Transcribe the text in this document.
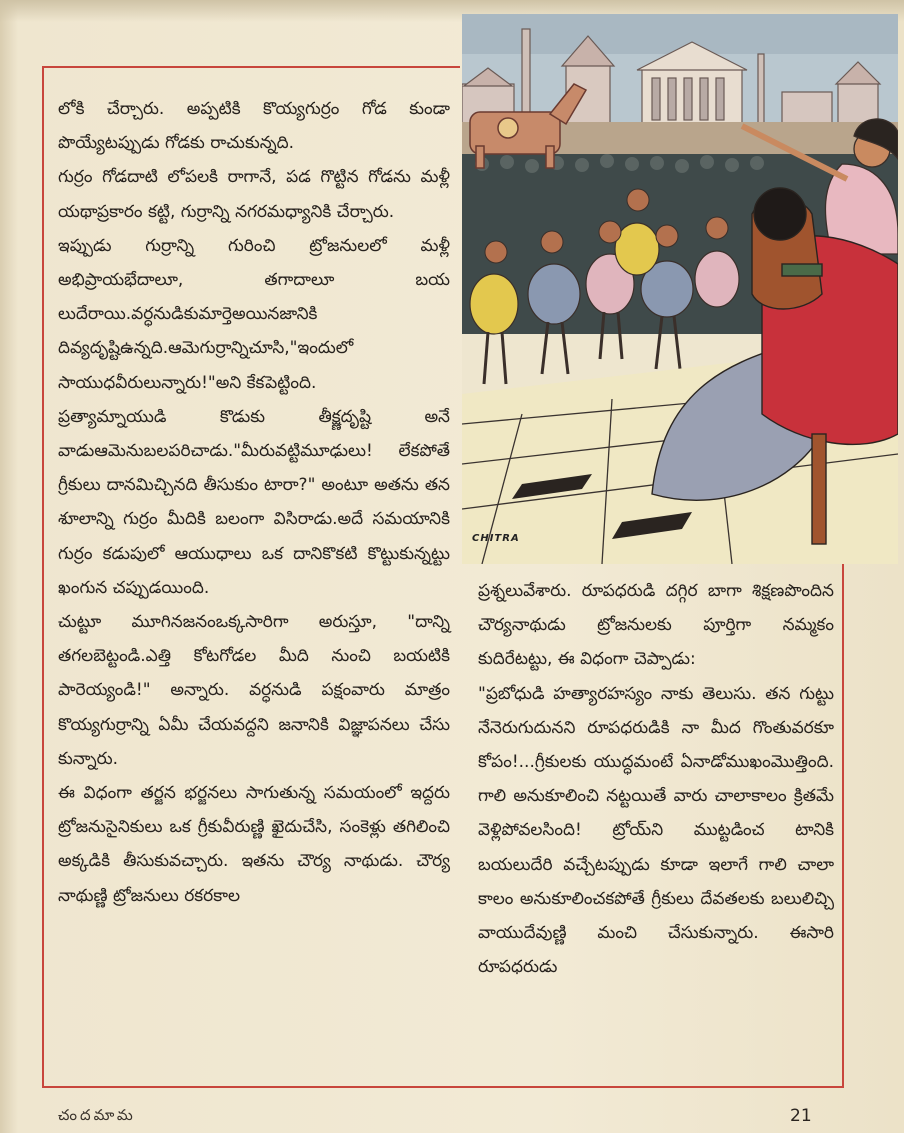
CHITRA

లోకి చేర్చారు. అప్పటికి కొయ్యగుర్రం గోడ కుండా పొయ్యేటప్పుడు గోడకు రాచుకున్నది.

గుర్రం గోడదాటి లోపలకి రాగానే, పడ గొట్టిన గోడను మళ్లీ యథాప్రకారం కట్టి, గుర్రాన్ని నగరమధ్యానికి చేర్చారు.

ఇప్పుడు గుర్రాన్ని గురించి ట్రోజనులలో మళ్లీ అభిప్రాయభేదాలూ, తగాదాలూ బయ లుదేరాయి.వర్ధనుడికుమార్తెఅయినజానికి దివ్యదృష్టిఉన్నది.ఆమెగుర్రాన్నిచూసి,"ఇందులో సాయుధవీరులున్నారు!"అని కేకపెట్టింది.

ప్రత్యామ్నాయుడి కొడుకు తీక్ష్ణదృష్టి అనే వాడుఆమెనుబలపరిచాడు."మీరువట్టిమూఢులు! లేకపోతే గ్రీకులు దానమిచ్చినది తీసుకుం టారా?" అంటూ అతను తన శూలాన్ని గుర్రం మీదికి బలంగా విసిరాడు.అదే సమయానికి గుర్రం కడుపులో ఆయుధాలు ఒక దానికొకటి కొట్టుకున్నట్టు ఖంగున చప్పుడయింది.

చుట్టూ మూగినజనంఒక్కసారిగా అరుస్తూ, "దాన్ని తగలబెట్టండి.ఎత్తి కోటగోడల మీది నుంచి బయటికి పారెయ్యండి!" అన్నారు. వర్ధనుడి పక్షంవారు మాత్రం కొయ్యగుర్రాన్ని ఏమీ చేయవద్దని జనానికి విజ్ఞాపనలు చేసు కున్నారు.

ఈ విధంగా తర్జన భర్జనలు సాగుతున్న సమయంలో ఇద్దరు ట్రోజనుసైనికులు ఒక గ్రీకువీరుణ్ణి ఖైదుచేసి, సంకెళ్లు తగిలించి అక్కడికి తీసుకువచ్చారు. ఇతను చౌర్య నాథుడు. చౌర్య నాథుణ్ణి ట్రోజనులు రకరకాల

ప్రశ్నలువేశారు. రూపధరుడి దగ్గిర బాగా శిక్షణపొందిన చౌర్యనాథుడు ట్రోజనులకు పూర్తిగా నమ్మకం కుదిరేటట్టు, ఈ విధంగా చెప్పాడు:

"ప్రబోధుడి హత్యారహస్యం నాకు తెలుసు. తన గుట్టు నేనెరుగుదునని రూపధరుడికి నా మీద గొంతువరకూ కోపం!...గ్రీకులకు యుద్ధమంటే ఏనాడోముఖంమొత్తింది. గాలి అనుకూలించి నట్టయితే వారు చాలాకాలం క్రితమే వెళ్లిపోవలసింది! ట్రోయ్‌ని ముట్టడించ టానికి బయలుదేరి వచ్చేటప్పుడు కూడా ఇలాగే గాలి చాలా కాలం అనుకూలించకపోతే గ్రీకులు దేవతలకు బలులిచ్చి వాయుదేవుణ్ణి మంచి చేసుకున్నారు. ఈసారి రూపధరుడు

చందమామ	21
